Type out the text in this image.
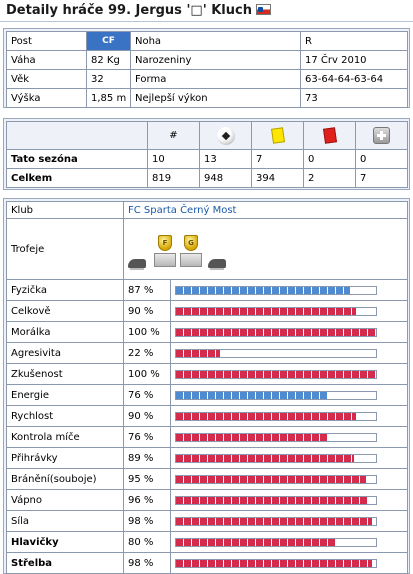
Detaily hráče 99. Jergus '□' Kluch
Post	CF	Noha	R
Váha	82 Kg	Narozeniny	17 Črv 2010
Věk	32	Forma	63-64-64-63-64
Výška	1,85 m	Nejlepší výkon	73
	#				
Tato sezóna	10	13	7	0	0
Celkem	819	948	394	2	7
Klub	FC Sparta Černý Most	
Trofeje	F G	

Fyzička	87 %	

Celkově	90 %	

Morálka	100 %	

Agresivita	22 %	

Zkušenost	100 %	

Energie	76 %	

Rychlost	90 %	

Kontrola míče	76 %	

Přihrávky	89 %	

Bránění(souboje)	95 %	

Vápno	96 %	

Síla	98 %	

Hlavičky	80 %	

Střelba	98 %	
